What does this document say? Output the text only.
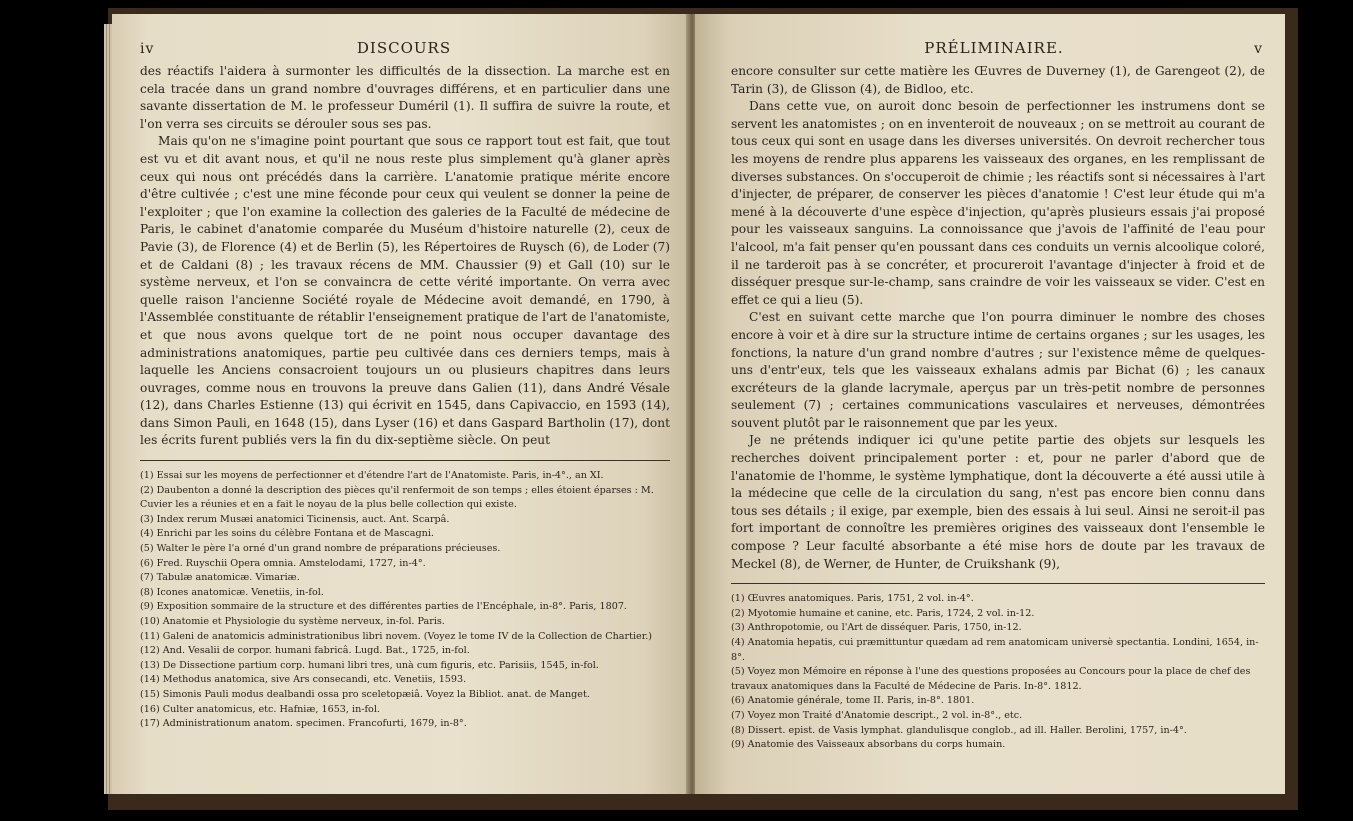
iv	DISCOURS

des réactifs l'aidera à surmonter les difficultés de la dissection. La marche est en cela tracée dans un grand nombre d'ouvrages différens, et en particulier dans une savante dissertation de M. le professeur Duméril (1). Il suffira de suivre la route, et l'on verra ses circuits se dérouler sous ses pas.

Mais qu'on ne s'imagine point pourtant que sous ce rapport tout est fait, que tout est vu et dit avant nous, et qu'il ne nous reste plus simplement qu'à glaner après ceux qui nous ont précédés dans la carrière. L'anatomie pratique mérite encore d'être cultivée ; c'est une mine féconde pour ceux qui veulent se donner la peine de l'exploiter ; que l'on examine la collection des galeries de la Faculté de médecine de Paris, le cabinet d'anatomie comparée du Muséum d'histoire naturelle (2), ceux de Pavie (3), de Florence (4) et de Berlin (5), les Répertoires de Ruysch (6), de Loder (7) et de Caldani (8) ; les travaux récens de MM. Chaussier (9) et Gall (10) sur le système nerveux, et l'on se convaincra de cette vérité importante. On verra avec quelle raison l'ancienne Société royale de Médecine avoit demandé, en 1790, à l'Assemblée constituante de rétablir l'enseignement pratique de l'art de l'anatomiste, et que nous avons quelque tort de ne point nous occuper davantage des administrations anatomiques, partie peu cultivée dans ces derniers temps, mais à laquelle les Anciens consacroient toujours un ou plusieurs chapitres dans leurs ouvrages, comme nous en trouvons la preuve dans Galien (11), dans André Vésale (12), dans Charles Estienne (13) qui écrivit en 1545, dans Capivaccio, en 1593 (14), dans Simon Pauli, en 1648 (15), dans Lyser (16) et dans Gaspard Bartholin (17), dont les écrits furent publiés vers la fin du dix-septième siècle. On peut

(1) Essai sur les moyens de perfectionner et d'étendre l'art de l'Anatomiste. Paris, in-4°., an XI.

(2) Daubenton a donné la description des pièces qu'il renfermoit de son temps ; elles étoient éparses : M. Cuvier les a réunies et en a fait le noyau de la plus belle collection qui existe.

(3) Index rerum Musæi anatomici Ticinensis, auct. Ant. Scarpâ.

(4) Enrichi par les soins du célèbre Fontana et de Mascagni.

(5) Walter le père l'a orné d'un grand nombre de préparations précieuses.

(6) Fred. Ruyschii Opera omnia. Amstelodami, 1727, in-4°.

(7) Tabulæ anatomicæ. Vimariæ.

(8) Icones anatomicæ. Venetiis, in-fol.

(9) Exposition sommaire de la structure et des différentes parties de l'Encéphale, in-8°. Paris, 1807.

(10) Anatomie et Physiologie du système nerveux, in-fol. Paris.

(11) Galeni de anatomicis administrationibus libri novem. (Voyez le tome IV de la Collection de Chartier.)

(12) And. Vesalii de corpor. humani fabricâ. Lugd. Bat., 1725, in-fol.

(13) De Dissectione partium corp. humani libri tres, unà cum figuris, etc. Parisiis, 1545, in-fol.

(14) Methodus anatomica, sive Ars consecandi, etc. Venetiis, 1593.

(15) Simonis Pauli modus dealbandi ossa pro sceletopæiâ. Voyez la Bibliot. anat. de Manget.

(16) Culter anatomicus, etc. Hafniæ, 1653, in-fol.

(17) Administrationum anatom. specimen. Francofurti, 1679, in-8°.

PRÉLIMINAIRE.	v

encore consulter sur cette matière les Œuvres de Duverney (1), de Garengeot (2), de Tarin (3), de Glisson (4), de Bidloo, etc.

Dans cette vue, on auroit donc besoin de perfectionner les instrumens dont se servent les anatomistes ; on en inventeroit de nouveaux ; on se mettroit au courant de tous ceux qui sont en usage dans les diverses universités. On devroit rechercher tous les moyens de rendre plus apparens les vaisseaux des organes, en les remplissant de diverses substances. On s'occuperoit de chimie ; les réactifs sont si nécessaires à l'art d'injecter, de préparer, de conserver les pièces d'anatomie ! C'est leur étude qui m'a mené à la découverte d'une espèce d'injection, qu'après plusieurs essais j'ai proposé pour les vaisseaux sanguins. La connoissance que j'avois de l'affinité de l'eau pour l'alcool, m'a fait penser qu'en poussant dans ces conduits un vernis alcoolique coloré, il ne tarderoit pas à se concréter, et procureroit l'avantage d'injecter à froid et de disséquer presque sur-le-champ, sans craindre de voir les vaisseaux se vider. C'est en effet ce qui a lieu (5).

C'est en suivant cette marche que l'on pourra diminuer le nombre des choses encore à voir et à dire sur la structure intime de certains organes ; sur les usages, les fonctions, la nature d'un grand nombre d'autres ; sur l'existence même de quelques-uns d'entr'eux, tels que les vaisseaux exhalans admis par Bichat (6) ; les canaux excréteurs de la glande lacrymale, aperçus par un très-petit nombre de personnes seulement (7) ; certaines communications vasculaires et nerveuses, démontrées souvent plutôt par le raisonnement que par les yeux.

Je ne prétends indiquer ici qu'une petite partie des objets sur lesquels les recherches doivent principalement porter : et, pour ne parler d'abord que de l'anatomie de l'homme, le système lymphatique, dont la découverte a été aussi utile à la médecine que celle de la circulation du sang, n'est pas encore bien connu dans tous ses détails ; il exige, par exemple, bien des essais à lui seul. Ainsi ne seroit-il pas fort important de connoître les premières origines des vaisseaux dont l'ensemble le compose ? Leur faculté absorbante a été mise hors de doute par les travaux de Meckel (8), de Werner, de Hunter, de Cruikshank (9),

(1) Œuvres anatomiques. Paris, 1751, 2 vol. in-4°.

(2) Myotomie humaine et canine, etc. Paris, 1724, 2 vol. in-12.

(3) Anthropotomie, ou l'Art de disséquer. Paris, 1750, in-12.

(4) Anatomia hepatis, cui præmittuntur quædam ad rem anatomicam universè spectantia. Londini, 1654, in-8°.

(5) Voyez mon Mémoire en réponse à l'une des questions proposées au Concours pour la place de chef des travaux anatomiques dans la Faculté de Médecine de Paris. In-8°. 1812.

(6) Anatomie générale, tome II. Paris, in-8°. 1801.

(7) Voyez mon Traité d'Anatomie descript., 2 vol. in-8°., etc.

(8) Dissert. epist. de Vasis lymphat. glandulisque conglob., ad ill. Haller. Berolini, 1757, in-4°.

(9) Anatomie des Vaisseaux absorbans du corps humain.
